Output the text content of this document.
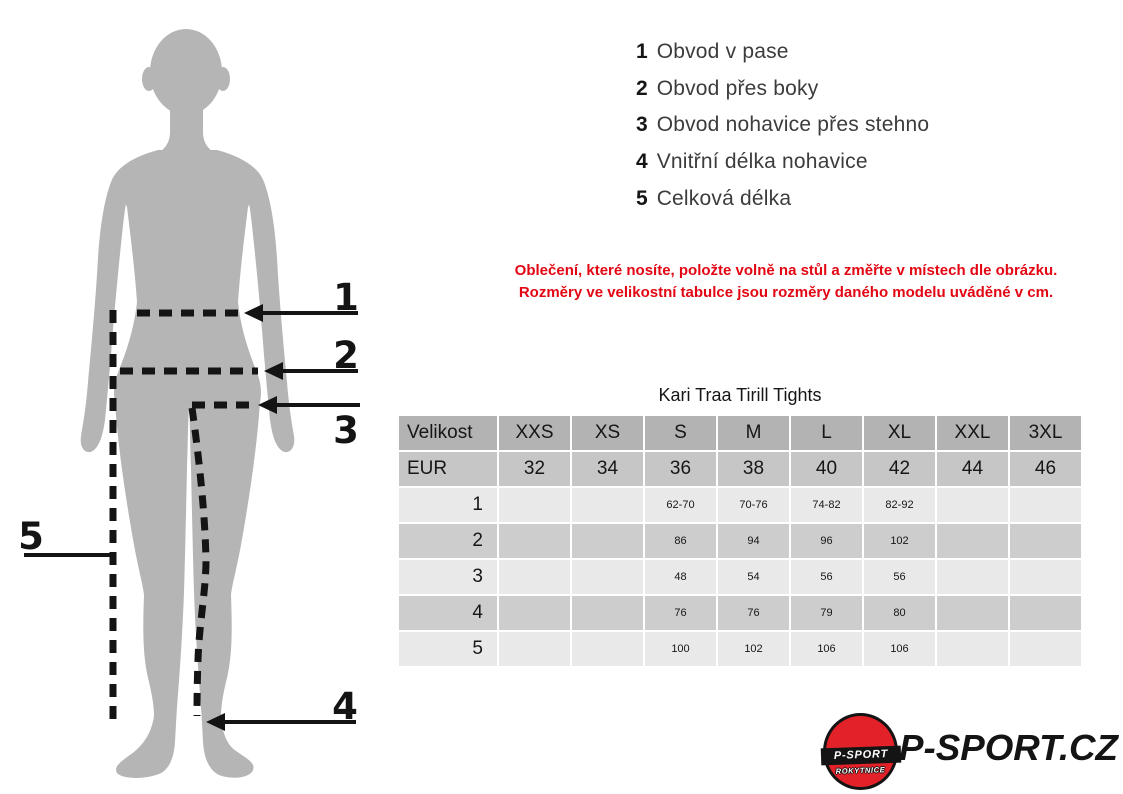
1
2
3
4
5
1 Obvod v pase
2 Obvod přes boky
3 Obvod nohavice přes stehno
4 Vnitřní délka nohavice
5 Celková délka
Oblečení, které nosíte, položte volně na stůl a změřte v místech dle obrázku.
Rozměry ve velikostní tabulce jsou rozměry daného modelu uváděné v cm.
Kari Traa Tirill Tights
Velikost	XXS	XS	S	M	L	XL	XXL	3XL
EUR	32	34	36	38	40	42	44	46
1			62-70	70-76	74-82	82-92		
2			86	94	96	102		
3			48	54	56	56		
4			76	76	79	80		
5			100	102	106	106		
P-SPORT
ROKYTNICE
P-SPORT.CZ
